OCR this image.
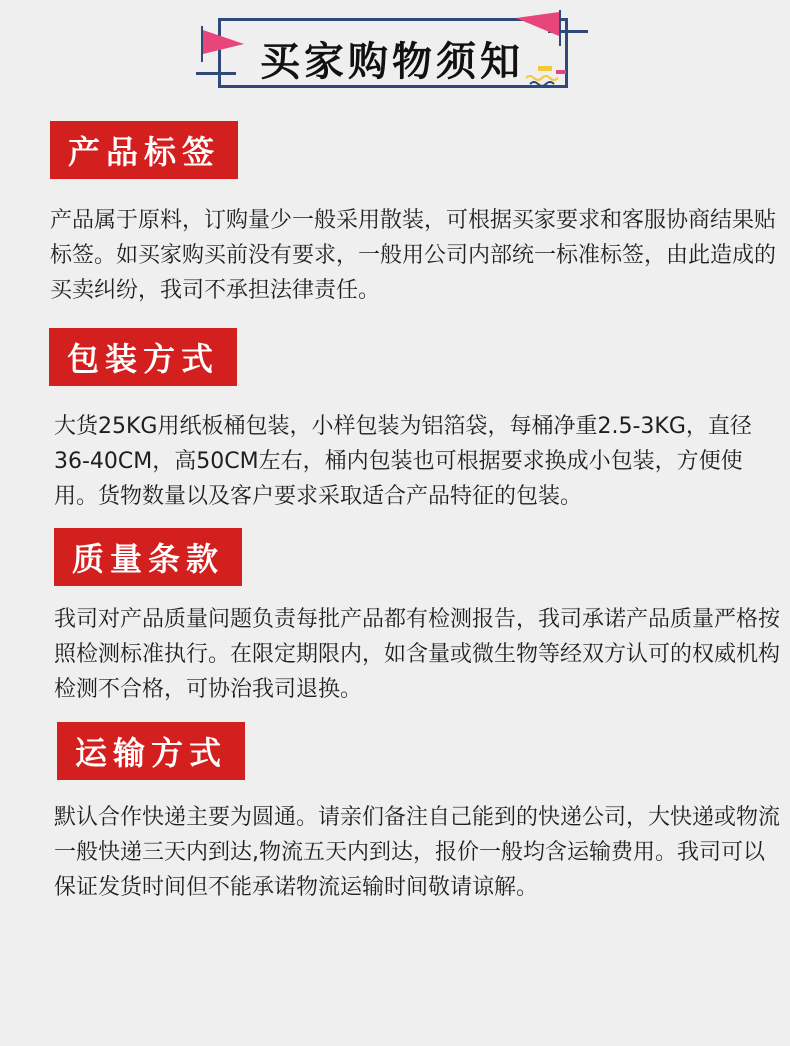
买家购物须知
产品标签
产品属于原料，订购量少一般采用散装，可根据买家要求和客服协商结果贴标签。如买家购买前没有要求，一般用公司内部统一标准标签，由此造成的买卖纠纷，我司不承担法律责任。
包装方式
大货25KG用纸板桶包装，小样包装为铝箔袋，每桶净重2.5-3KG，直径36-40CM，高50CM左右，桶内包装也可根据要求换成小包装，方便使用。货物数量以及客户要求采取适合产品特征的包装。
质量条款
我司对产品质量问题负责每批产品都有检测报告，我司承诺产品质量严格按照检测标准执行。在限定期限内，如含量或微生物等经双方认可的权威机构检测不合格，可协治我司退换。
运输方式
默认合作快递主要为圆通。请亲们备注自己能到的快递公司，大快递或物流一般快递三天内到达,物流五天内到达，报价一般均含运输费用。我司可以保证发货时间但不能承诺物流运输时间敬请谅解。
